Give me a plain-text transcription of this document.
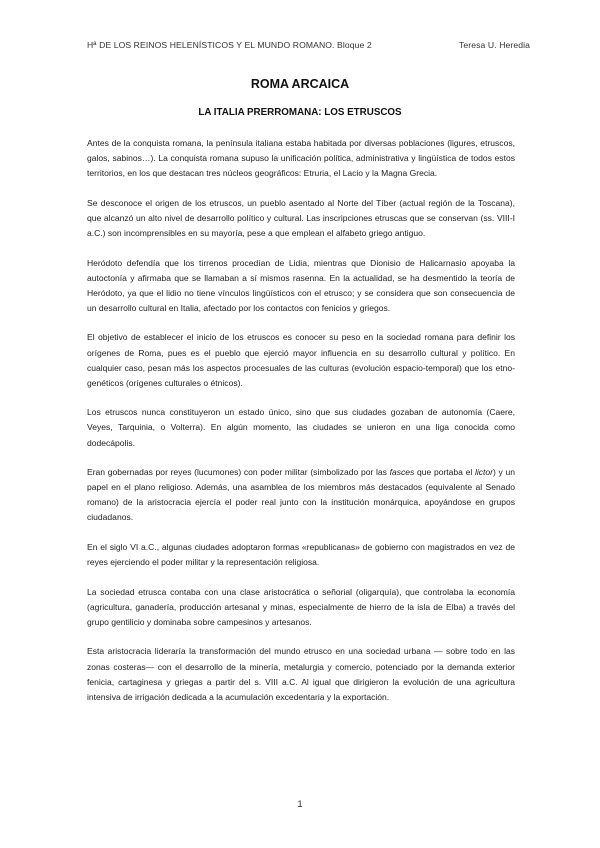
Hª DE LOS REINOS HELENÍSTICOS Y EL MUNDO ROMANO. Bloque 2	Teresa U. Heredia
ROMA ARCAICA
LA ITALIA PRERROMANA: LOS ETRUSCOS

Antes de la conquista romana, la península italiana estaba habitada por diversas poblaciones (ligures, etruscos, galos, sabinos…). La conquista romana supuso la unificación política, administrativa y lingüística de todos estos territorios, en los que destacan tres núcleos geográficos: Etruria, el Lacio y la Magna Grecia.

Se desconoce el origen de los etruscos, un pueblo asentado al Norte del Tíber (actual región de la Toscana), que alcanzó un alto nivel de desarrollo político y cultural. Las inscripciones etruscas que se conservan (ss. VIII-I a.C.) son incomprensibles en su mayoría, pese a que emplean el alfabeto griego antiguo.

Heródoto defendía que los tirrenos procedían de Lidia, mientras que Dionisio de Halicarnasio apoyaba la autoctonía y afirmaba que se llamaban a sí mismos rasenna. En la actualidad, se ha desmentido la teoría de Heródoto, ya que el lidio no tiene vínculos lingüísticos con el etrusco; y se considera que son consecuencia de un desarrollo cultural en Italia, afectado por los contactos con fenicios y griegos.

El objetivo de establecer el inicio de los etruscos es conocer su peso en la sociedad romana para definir los orígenes de Roma, pues es el pueblo que ejerció mayor influencia en su desarrollo cultural y político. En cualquier caso, pesan más los aspectos procesuales de las culturas (evolución espacio-temporal) que los etno-genéticos (orígenes culturales o étnicos).

Los etruscos nunca constituyeron un estado único, sino que sus ciudades gozaban de autonomía (Caere, Veyes, Tarquinia, o Volterra). En algún momento, las ciudades se unieron en una liga conocida como dodecápolis.

Eran gobernadas por reyes (lucumones) con poder militar (simbolizado por las fasces que portaba el lictor) y un papel en el plano religioso. Además, una asamblea de los miembros más destacados (equivalente al Senado romano) de la aristocracia ejercía el poder real junto con la institución monárquica, apoyándose en grupos ciudadanos.

En el siglo VI a.C., algunas ciudades adoptaron formas «republicanas» de gobierno con magistrados en vez de reyes ejerciendo el poder militar y la representación religiosa.

La sociedad etrusca contaba con una clase aristocrática o señorial (oligarquía), que controlaba la economía (agricultura, ganadería, producción artesanal y minas, especialmente de hierro de la isla de Elba) a través del grupo gentilicio y dominaba sobre campesinos y artesanos.

Esta aristocracia lideraría la transformación del mundo etrusco en una sociedad urbana — sobre todo en las zonas costeras— con el desarrollo de la minería, metalurgia y comercio, potenciado por la demanda exterior fenicia, cartaginesa y griegas a partir del s. VIII a.C. Al igual que dirigieron la evolución de una agricultura intensiva de irrigación dedicada a la acumulación excedentaria y la exportación.

1
